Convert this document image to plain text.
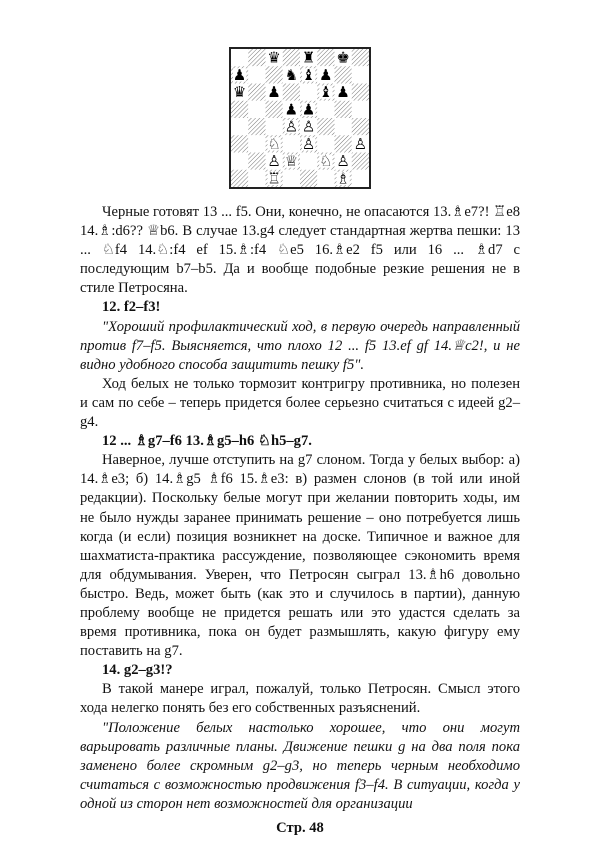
♛ ♜ ♚
♟	♞ ♝ ♟
♛ ♟	♝ ♟
♟ ♟
♙ ♙
♘ ♙	♙
♙ ♕ ♘ ♙
♖	♗

Черные готовят 13 ... f5. Они, конечно, не опасаются 13.♗e7?! ♖e8 14.♗:d6?? ♕b6. В случае 13.g4 следует стандартная жертва пешки: 13 ... ♘f4 14.♘:f4 ef 15.♗:f4 ♘e5 16.♗e2 f5 или 16 ... ♗d7 с последующим b7–b5. Да и вообще подобные резкие решения не в стиле Петросяна.

12. f2–f3!

"Хороший профилактический ход, в первую очередь направленный против f7–f5. Выясняется, что плохо 12 ... f5 13.ef gf 14.♕c2!, и не видно удобного способа защитить пешку f5".

Ход белых не только тормозит контригру противника, но полезен и сам по себе – теперь придется более серьезно считаться с идеей g2–g4.

12 ... ♗g7–f6 13.♗g5–h6 ♘h5–g7.

Наверное, лучше отступить на g7 слоном. Тогда у белых выбор: а) 14.♗e3; б) 14.♗g5 ♗f6 15.♗e3: в) размен слонов (в той или иной редакции). Поскольку белые могут при желании повторить ходы, им не было нужды заранее принимать решение – оно потребуется лишь когда (и если) позиция возникнет на доске. Типичное и важное для шахматиста-практика рассуждение, позволяющее сэкономить время для обдумывания. Уверен, что Петросян сыграл 13.♗h6 довольно быстро. Ведь, может быть (как это и случилось в партии), данную проблему вообще не придется решать или это удастся сделать за время противника, пока он будет размышлять, какую фигуру ему поставить на g7.

14. g2–g3!?

В такой манере играл, пожалуй, только Петросян. Смысл этого хода нелегко понять без его собственных разъяснений.

"Положение белых настолько хорошее, что они могут варьировать различные планы. Движение пешки g на два поля пока заменено более скромным g2–g3, но теперь черным необходимо считаться с возможностью продвижения f3–f4. В ситуации, когда у одной из сторон нет возможностей для организации

Стр. 48
